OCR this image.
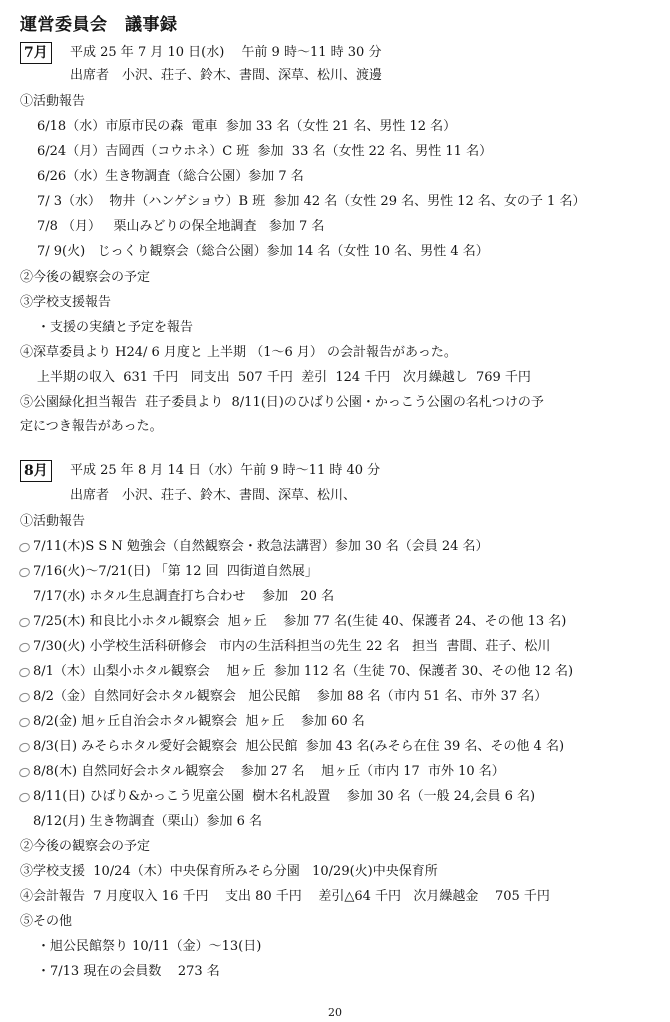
運営委員会　議事録
7月	平成 25 年 7 月 10 日(水)　 午前 9 時～11 時 30 分
出席者　小沢、荘子、鈴木、書間、深草、松川、渡邊
①活動報告
6/18（水）市原市民の森  電車  参加 33 名（女性 21 名、男性 12 名）
6/24（月）吉岡西（コウホネ）C 班  参加  33 名（女性 22 名、男性 11 名）
6/26（水）生き物調査（総合公園）参加 7 名
7/ 3（水）  物井（ハンゲショウ）B 班  参加 42 名（女性 29 名、男性 12 名、女の子 1 名）
7/8 （月）   栗山みどりの保全地調査   参加 7 名
7/ 9(火)   じっくり観察会（総合公園）参加 14 名（女性 10 名、男性 4 名）
②今後の観察会の予定
③学校支援報告
・支援の実績と予定を報告
④深草委員より H24/ 6 月度と 上半期 （1～6 月） の会計報告があった。
上半期の収入  631 千円   同支出  507 千円  差引  124 千円   次月繰越し  769 千円
⑤公園緑化担当報告  荘子委員より  8/11(日)のひばり公園・かっこう公園の名札つけの予
定につき報告があった。
8月	平成 25 年 8 月 14 日（水）午前 9 時～11 時 40 分
出席者　小沢、荘子、鈴木、書間、深草、松川、
①活動報告
7/11(木)S S N 勉強会（自然観察会・救急法講習）参加 30 名（会員 24 名）
7/16(火)～7/21(日) 「第 12 回  四街道自然展」
7/17(水) ホタル生息調査打ち合わせ    参加   20 名
7/25(木) 和良比小ホタル観察会  旭ヶ丘    参加 77 名(生徒 40、保護者 24、その他 13 名)
7/30(火) 小学校生活科研修会   市内の生活科担当の先生 22 名   担当  書間、荘子、松川
8/1（木）山梨小ホタル観察会    旭ヶ丘  参加 112 名（生徒 70、保護者 30、その他 12 名)
8/2（金）自然同好会ホタル観察会   旭公民館    参加 88 名（市内 51 名、市外 37 名）
8/2(金) 旭ヶ丘自治会ホタル観察会  旭ヶ丘    参加 60 名
8/3(日) みそらホタル愛好会観察会  旭公民館  参加 43 名(みそら在住 39 名、その他 4 名)
8/8(木) 自然同好会ホタル観察会    参加 27 名    旭ヶ丘（市内 17  市外 10 名）
8/11(日) ひばり&かっこう児童公園  樹木名札設置    参加 30 名（一般 24,会員 6 名)
8/12(月) 生き物調査（栗山）参加 6 名
②今後の観察会の予定
③学校支援  10/24（木）中央保育所みそら分園   10/29(火)中央保育所
④会計報告  7 月度収入 16 千円    支出 80 千円    差引△64 千円   次月繰越金    705 千円
⑤その他
・旭公民館祭り 10/11（金）～13(日)
・7/13 現在の会員数    273 名
20
